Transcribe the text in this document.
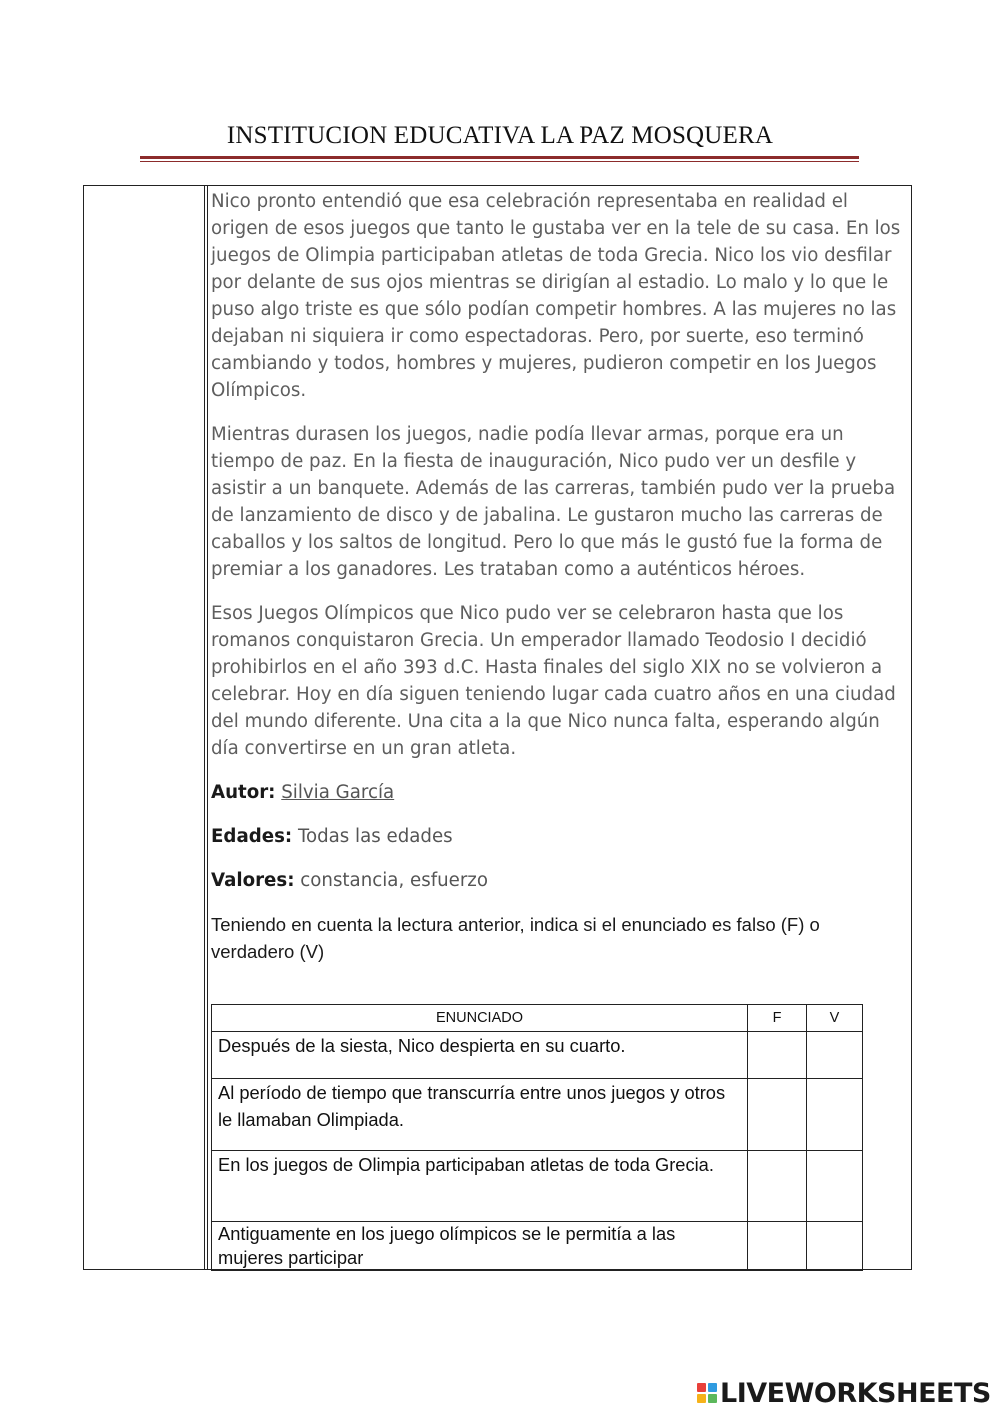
INSTITUCION EDUCATIVA LA PAZ MOSQUERA

Nico pronto entendió que esa celebración representaba en realidad el origen de esos juegos que tanto le gustaba ver en la tele de su casa. En los juegos de Olimpia participaban atletas de toda Grecia. Nico los vio desfilar por delante de sus ojos mientras se dirigían al estadio. Lo malo y lo que le puso algo triste es que sólo podían competir hombres. A las mujeres no las dejaban ni siquiera ir como espectadoras. Pero, por suerte, eso terminó cambiando y todos, hombres y mujeres, pudieron competir en los Juegos Olímpicos.

Mientras durasen los juegos, nadie podía llevar armas, porque era un tiempo de paz. En la fiesta de inauguración, Nico pudo ver un desfile y asistir a un banquete. Además de las carreras, también pudo ver la prueba de lanzamiento de disco y de jabalina. Le gustaron mucho las carreras de caballos y los saltos de longitud. Pero lo que más le gustó fue la forma de premiar a los ganadores. Les trataban como a auténticos héroes.

Esos Juegos Olímpicos que Nico pudo ver se celebraron hasta que los romanos conquistaron Grecia. Un emperador llamado Teodosio I decidió prohibirlos en el año 393 d.C. Hasta finales del siglo XIX no se volvieron a celebrar. Hoy en día siguen teniendo lugar cada cuatro años en una ciudad del mundo diferente. Una cita a la que Nico nunca falta, esperando algún día convertirse en un gran atleta.

Autor: Silvia García

Edades: Todas las edades

Valores: constancia, esfuerzo

Teniendo en cuenta la lectura anterior, indica si el enunciado es falso (F) o verdadero (V)

ENUNCIADO	F	V
Después de la siesta, Nico despierta en su cuarto.		
Al período de tiempo que transcurría entre unos juegos y otros le llamaban Olimpiada.		
En los juegos de Olimpia participaban atletas de toda Grecia.		
Antiguamente en los juego olímpicos se le permitía a las mujeres participar		
LIVEWORKSHEETS
